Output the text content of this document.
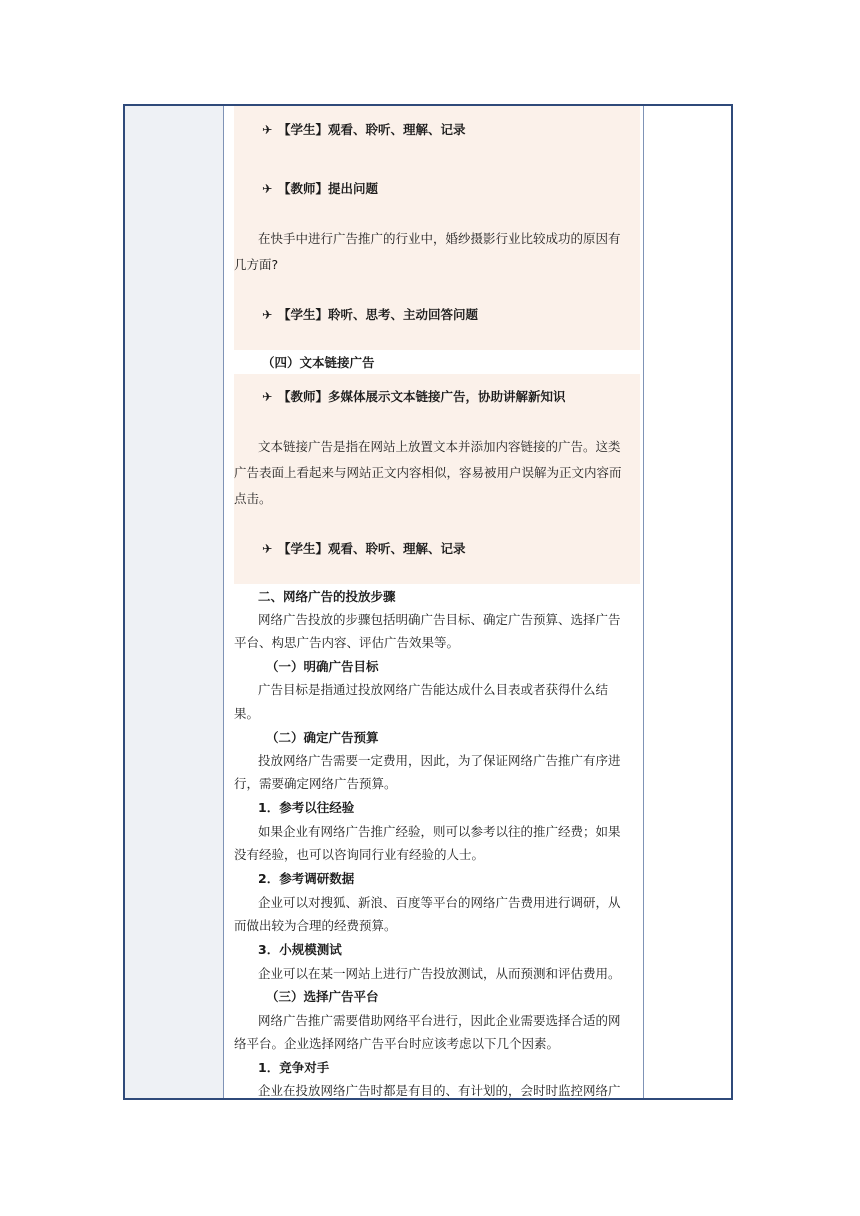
✈ 【学生】观看、聆听、理解、记录
✈ 【教师】提出问题
在快手中进行广告推广的行业中，婚纱摄影行业比较成功的原因有
几方面?
✈ 【学生】聆听、思考、主动回答问题
（四）文本链接广告
✈ 【教师】多媒体展示文本链接广告，协助讲解新知识
文本链接广告是指在网站上放置文本并添加内容链接的广告。这类
广告表面上看起来与网站正文内容相似，容易被用户误解为正文内容而
点击。
✈ 【学生】观看、聆听、理解、记录
二、网络广告的投放步骤
网络广告投放的步骤包括明确广告目标、确定广告预算、选择广告
平台、构思广告内容、评估广告效果等。
（一）明确广告目标
广告目标是指通过投放网络广告能达成什么目表或者获得什么结
果。
（二）确定广告预算
投放网络广告需要一定费用，因此，为了保证网络广告推广有序进
行，需要确定网络广告预算。
1．参考以往经验
如果企业有网络广告推广经验，则可以参考以往的推广经费；如果
没有经验，也可以咨询同行业有经验的人士。
2．参考调研数据
企业可以对搜狐、新浪、百度等平台的网络广告费用进行调研，从
而做出较为合理的经费预算。
3．小规模测试
企业可以在某一网站上进行广告投放测试，从而预测和评估费用。
（三）选择广告平台
网络广告推广需要借助网络平台进行，因此企业需要选择合适的网
络平台。企业选择网络广告平台时应该考虑以下几个因素。
1．竞争对手
企业在投放网络广告时都是有目的、有计划的，会时时监控网络广
